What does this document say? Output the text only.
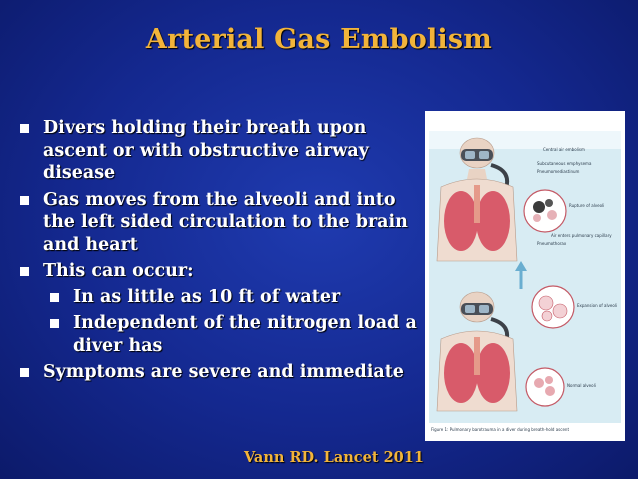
Arterial Gas Embolism
Divers holding their breath upon ascent or with obstructive airway disease
Gas moves from the alveoli and into the left sided circulation to the brain and heart
This can occur:
In as little as 10 ft of water
Independent of the nitrogen load a diver has
Symptoms are severe and immediate
Central air embolism
Subcutaneous emphysema
Pneumomediastinum
Rupture of alveoli
Air enters pulmonary capillary
Pneumothorax
Expansion of alveoli
Normal alveoli
Figure 1: Pulmonary barotrauma in a diver during breath-hold ascent
Vann RD. Lancet 2011
